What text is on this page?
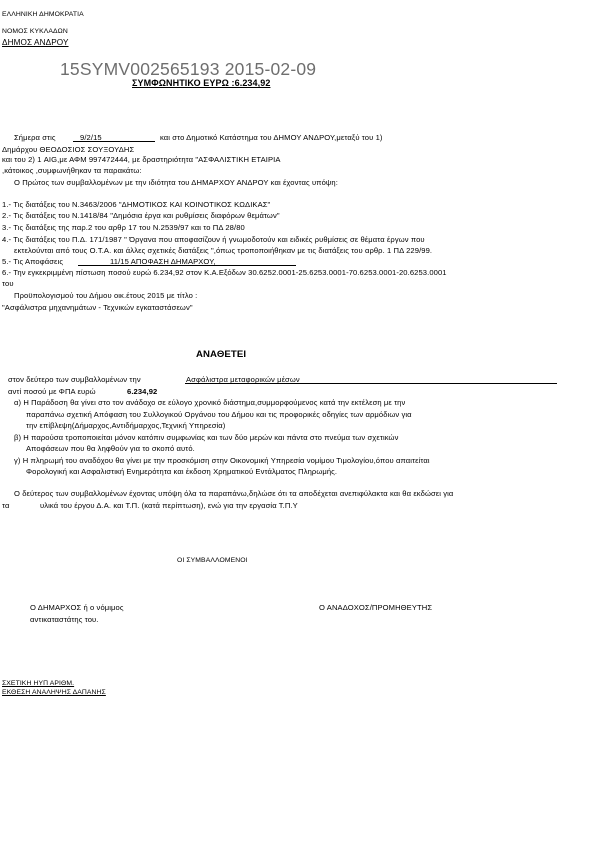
ΕΛΛΗΝΙΚΗ ΔΗΜΟΚΡΑΤΙΑ
ΝΟΜΟΣ ΚΥΚΛΑΔΩΝ
ΔΗΜΟΣ ΑΝΔΡΟΥ
15SYMV002565193 2015-02-09
ΣΥΜΦΩΝΗΤΙΚΟ ΕΥΡΩ :6.234,92
Σήμερα στις	9/2/15	και στο Δημοτικό Κατάστημα του ΔΗΜΟΥ ΑΝΔΡΟΥ,μεταξύ του 1)
Δημάρχου ΘΕΟΔΟΣΙΟΣ ΣΟΥΞΟΥΔΗΣ
και του 2) 1 AIG,με ΑΦΜ 997472444, με δραστηριότητα "ΑΣΦΑΛΙΣΤΙΚΗ ΕΤΑΙΡΙΑ
,κάτοικος ,συμφωνήθηκαν τα παρακάτω:
Ο Πρώτος των συμβαλλομένων με την ιδιότητα του ΔΗΜΑΡΧΟΥ ΑΝΔΡΟΥ και έχοντας υπόψη:
1.- Τις διατάξεις του Ν.3463/2006 "ΔΗΜΟΤΙΚΟΣ ΚΑΙ ΚΟΙΝΟΤΙΚΟΣ ΚΩΔΙΚΑΣ"
2.- Τις διατάξεις του Ν.1418/84 "Δημόσια έργα και ρυθμίσεις διαφόρων θεμάτων"
3.- Τις διατάξεις της παρ.2 του αρθρ 17 του Ν.2539/97 και το ΠΔ 28/80
4.- Τις διατάξεις του Π.Δ. 171/1987 " Όργανα που αποφασίζουν ή γνωμοδοτούν και ειδικές ρυθμίσεις σε θέματα έργων που
εκτελούνται από τους Ο.Τ.Α. και άλλες σχετικές διατάξεις ",όπως τροποποιήθηκαν με τις διατάξεις του αρθρ. 1 ΠΔ 229/99.
5.- Τις Αποφάσεις	11/15 ΑΠΟΦΑΣΗ ΔΗΜΑΡΧΟΥ,
6.- Την εγκεκριμμένη πίστωση ποσού ευρώ 6.234,92 στον Κ.Α.Εξόδων 30.6252.0001-25.6253.0001-70.6253.0001-20.6253.0001
του
Προϋπολογισμού του Δήμου οικ.έτους 2015 με τίτλο :
"Ασφάλιστρα μηχανημάτων - Τεχνικών εγκαταστάσεων"
ΑΝΑΘΕΤΕΙ
στον δεύτερο των συμβαλλομένων την	Ασφάλιστρα μεταφορικών μέσων
αντί ποσού με ΦΠΑ ευρώ	6.234,92
α) Η Παράδοση θα γίνει στο τον ανάδοχο σε εύλογο χρονικό διάστημα,συμμορφούμενος κατά την εκτέλεση με την
παραπάνω σχετική Απόφαση του Συλλογικού Οργάνου του Δήμου και τις προφορικές οδηγίες των αρμόδιων για
την επίβλεψη(Δήμαρχος,Αντιδήμαρχος,Τεχνική Υπηρεσία)
β) Η παρούσα τροποποιείται μόνον κατόπιν συμφωνίας και των δύο μερών και πάντα στο πνεύμα των σχετικών
Αποφάσεων που θα ληφθούν για το σκοπό αυτό.
γ) Η πληρωμή του αναδόχου θα γίνει με την προσκόμιση στην Οικονομική Υπηρεσία νομίμου Τιμολογίου,όπου απαιτείται
Φορολογική και Ασφαλιστική Ενημερότητα και έκδοση Χρηματικού Εντάλματος Πληρωμής.
Ο δεύτερος των συμβαλλομένων έχοντας υπόψη όλα τα παραπάνω,δηλώσε ότι τα αποδέχεται ανεπιφύλακτα και θα εκδώσει για
τα	υλικά του έργου Δ.Α. και Τ.Π. (κατά περίπτωση), ενώ για την εργασία Τ.Π.Υ
ΟΙ ΣΥΜΒΑΛΛΟΜΕΝΟΙ
Ο ΔΗΜΑΡΧΟΣ ή ο νόμιμος
αντικαταστάτης του.
Ο ΑΝΑΔΟΧΟΣ/ΠΡΟΜΗΘΕΥΤΗΣ
ΣΧΕΤΙΚΗ ΗΥΠ ΑΡΙΘΜ.
ΕΚΘΕΣΗ ΑΝΑΛΗΨΗΣ ΔΑΠΑΝΗΣ
